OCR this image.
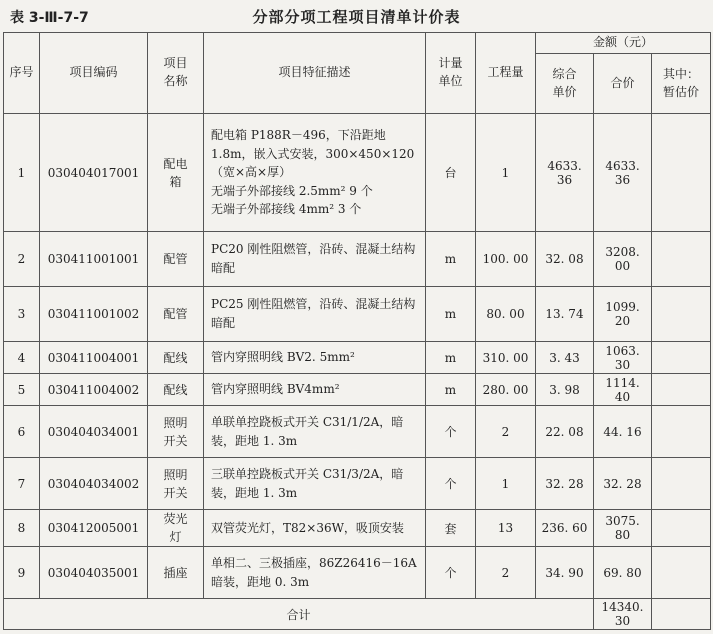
表 3-Ⅲ-7-7	分部分项工程项目清单计价表
序号	项目编码	项目名称	项目特征描述	计量单位	工程量	金额（元）		
						综合单价	合价	其中：暂估价
1	030404017001	配电箱	配电箱 P188R－496，下沿距地 1.8m，嵌入式安装，300×450×120（宽×高×厚）
无端子外部接线 2.5mm² 9 个
无端子外部接线 4mm² 3 个	台	1	4633. 36	4633. 36	
2	030411001001	配管	PC20 刚性阻燃管，沿砖、混凝土结构暗配	m	100. 00	32. 08	3208. 00	
3	030411001002	配管	PC25 刚性阻燃管，沿砖、混凝土结构暗配	m	80. 00	13. 74	1099. 20	
4	030411004001	配线	管内穿照明线 BV2. 5mm²	m	310. 00	3. 43	1063. 30	
5	030411004002	配线	管内穿照明线 BV4mm²	m	280. 00	3. 98	1114. 40	
6	030404034001	照明开关	单联单控跷板式开关 C31/1/2A，暗装，距地 1. 3m	个	2	22. 08	44. 16	
7	030404034002	照明开关	三联单控跷板式开关 C31/3/2A，暗装，距地 1. 3m	个	1	32. 28	32. 28	
8	030412005001	荧光灯	双管荧光灯，T82×36W，吸顶安装	套	13	236. 60	3075. 80	
9	030404035001	插座	单相二、三极插座，86Z26416－16A 暗装，距地 0. 3m	个	2	34. 90	69. 80	
合计							14340. 30	
